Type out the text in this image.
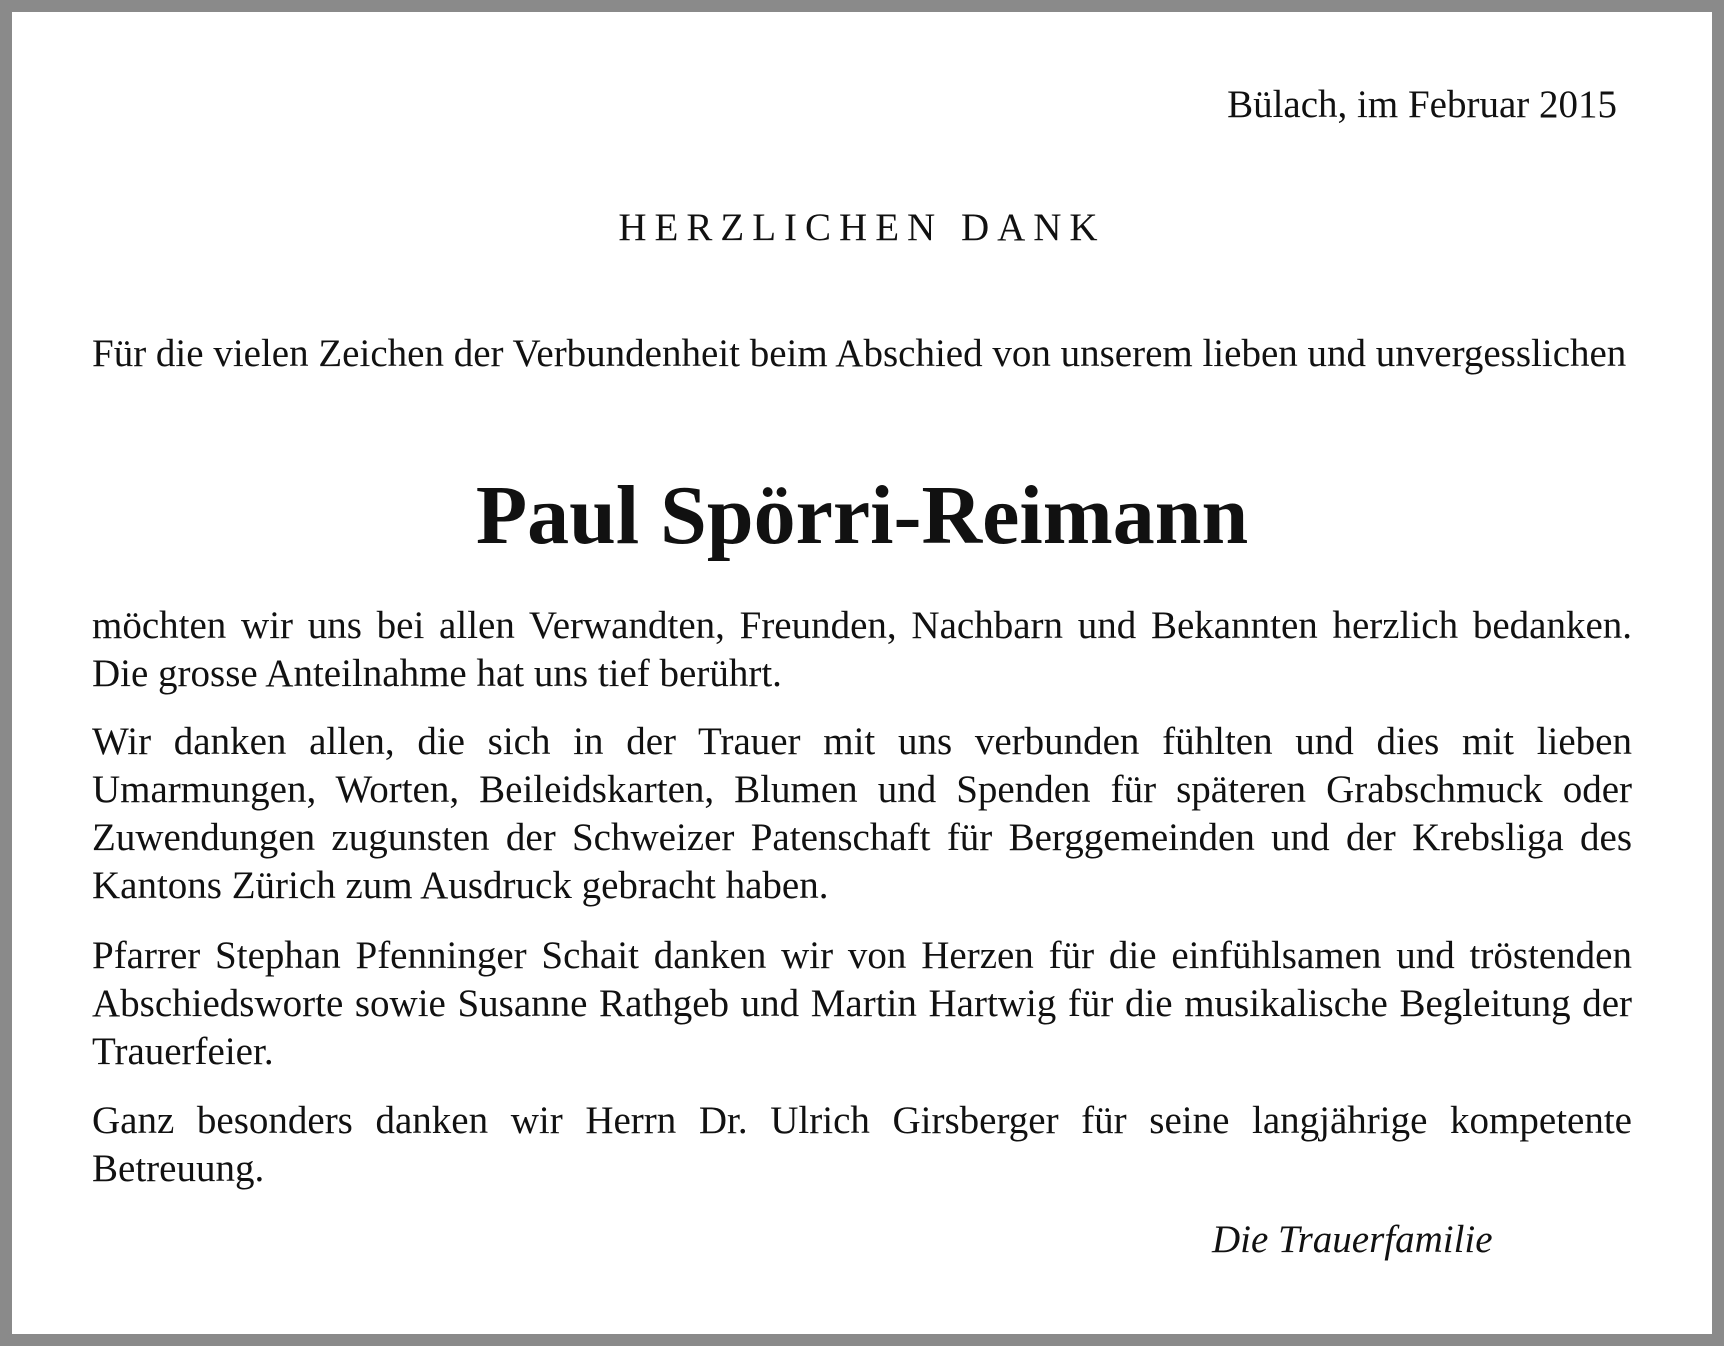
Bülach, im Februar 2015
HERZLICHEN DANK

Für die vielen Zeichen der Verbundenheit beim Abschied von unserem lieben und unvergesslichen

Paul Spörri-Reimann

möchten wir uns bei allen Verwandten, Freunden, Nachbarn und Bekannten herzlich bedanken. Die grosse Anteilnahme hat uns tief berührt.

Wir danken allen, die sich in der Trauer mit uns verbunden fühlten und dies mit lieben Umarmungen, Worten, Beileidskarten, Blumen und Spenden für späteren Grabschmuck oder Zuwendungen zugunsten der Schweizer Patenschaft für Berggemeinden und der Krebsliga des Kantons Zürich zum Ausdruck gebracht haben.

Pfarrer Stephan Pfenninger Schait danken wir von Herzen für die einfühlsamen und tröstenden Abschiedsworte sowie Susanne Rathgeb und Martin Hartwig für die musikalische Begleitung der Trauerfeier.

Ganz besonders danken wir Herrn Dr. Ulrich Girsberger für seine langjährige kompetente Betreuung.

Die Trauerfamilie
